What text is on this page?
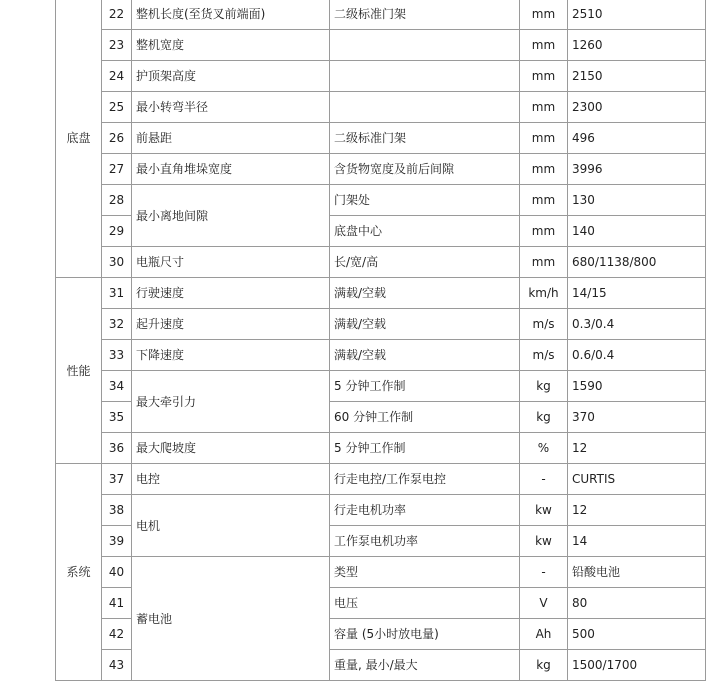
底盘	22	整机长度(至货叉前端面)	二级标准门架	mm	2510
	23	整机宽度		mm	1260
	24	护顶架高度		mm	2150
	25	最小转弯半径		mm	2300
	26	前悬距	二级标准门架	mm	496
	27	最小直角堆垛宽度	含货物宽度及前后间隙	mm	3996
	28	最小离地间隙	门架处	mm	130
	29		底盘中心	mm	140
	30	电瓶尺寸	长/宽/高	mm	680/1138/800
性能	31	行驶速度	满载/空载	km/h	14/15
	32	起升速度	满载/空载	m/s	0.3/0.4
	33	下降速度	满载/空载	m/s	0.6/0.4
	34	最大牵引力	5 分钟工作制	kg	1590
	35		60 分钟工作制	kg	370
	36	最大爬坡度	5 分钟工作制	%	12
系统	37	电控	行走电控/工作泵电控	-	CURTIS
	38	电机	行走电机功率	kw	12
	39		工作泵电机功率	kw	14
	40	蓄电池	类型	-	铅酸电池
	41		电压	V	80
	42		容量 (5小时放电量)	Ah	500
	43		重量, 最小/最大	kg	1500/1700
